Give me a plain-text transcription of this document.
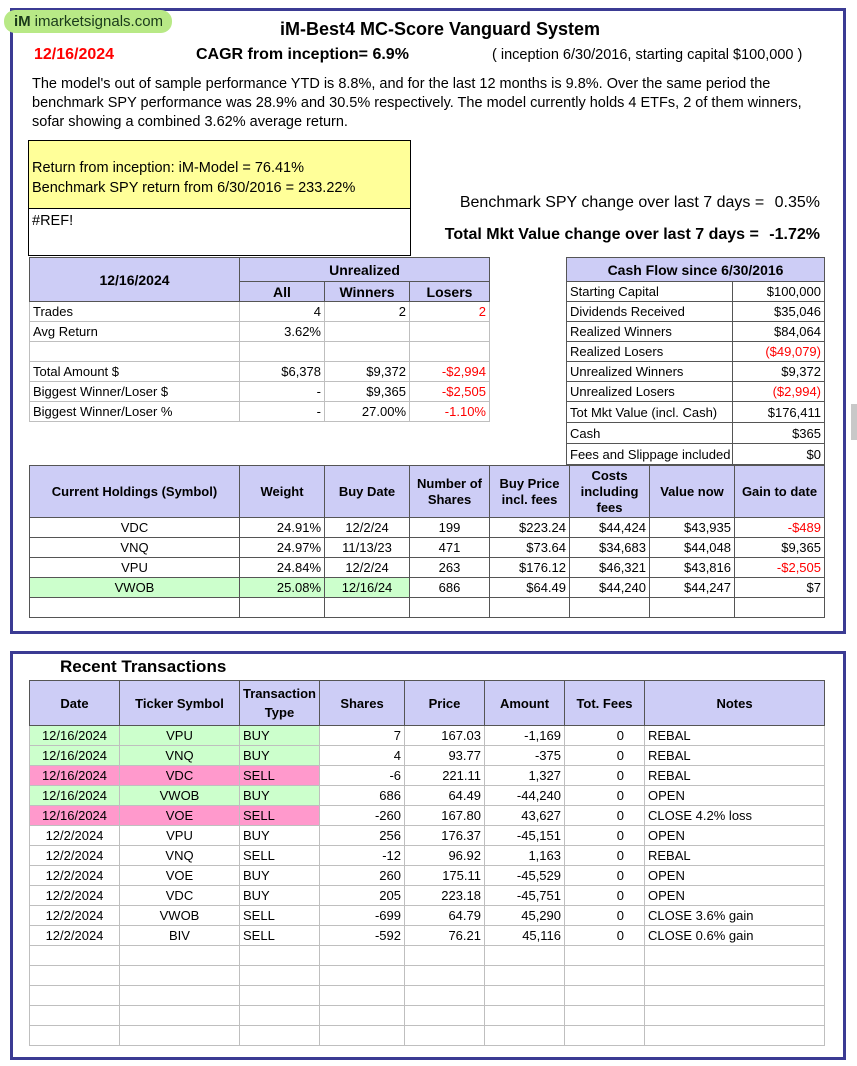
iM imarketsignals.com	iM-Best4 MC-Score Vanguard System
12/16/2024	CAGR from inception= 6.9%	( inception 6/30/2016, starting capital $100,000 )
The model's out of sample performance YTD is 8.8%, and for the last 12 months is 9.8%. Over the same period the benchmark SPY performance was 28.9% and 30.5% respectively. The model currently holds 4 ETFs, 2 of them winners, sofar showing a combined 3.62% average return.
Return from inception: iM-Model = 76.41%
Benchmark SPY return from 6/30/2016 = 233.22%
#REF!
Benchmark SPY change over last 7 days = 0.35%
Total Mkt Value change over last 7 days = -1.72%
12/16/2024	Unrealized		
	All	Winners	Losers
Trades	4	2	2
Avg Return	3.62%		

Total Amount $	$6,378	$9,372	-$2,994
Biggest Winner/Loser $	-	$9,365	-$2,505
Biggest Winner/Loser %	-	27.00%	-1.10%
Cash Flow since 6/30/2016	
Starting Capital	$100,000
Dividends Received	$35,046
Realized Winners	$84,064
Realized Losers	($49,079)
Unrealized Winners	$9,372
Unrealized Losers	($2,994)
Tot Mkt Value (incl. Cash)	$176,411
Cash	$365
Fees and Slippage included	$0
Current Holdings (Symbol)	Weight	Buy Date	Number of Shares	Buy Price incl. fees	Costs including fees	Value now	Gain to date
VDC	24.91%	12/2/24	199	$223.24	$44,424	$43,935	-$489
VNQ	24.97%	11/13/23	471	$73.64	$34,683	$44,048	$9,365
VPU	24.84%	12/2/24	263	$176.12	$46,321	$43,816	-$2,505
VWOB	25.08%	12/16/24	686	$64.49	$44,240	$44,247	$7

Recent Transactions
Date	Ticker Symbol	Transaction Type	Shares	Price	Amount	Tot. Fees	Notes
12/16/2024	VPU	BUY	7	167.03	-1,169	0	REBAL
12/16/2024	VNQ	BUY	4	93.77	-375	0	REBAL
12/16/2024	VDC	SELL	-6	221.11	1,327	0	REBAL
12/16/2024	VWOB	BUY	686	64.49	-44,240	0	OPEN
12/16/2024	VOE	SELL	-260	167.80	43,627	0	CLOSE 4.2% loss
12/2/2024	VPU	BUY	256	176.37	-45,151	0	OPEN
12/2/2024	VNQ	SELL	-12	96.92	1,163	0	REBAL
12/2/2024	VOE	BUY	260	175.11	-45,529	0	OPEN
12/2/2024	VDC	BUY	205	223.18	-45,751	0	OPEN
12/2/2024	VWOB	SELL	-699	64.79	45,290	0	CLOSE 3.6% gain
12/2/2024	BIV	SELL	-592	76.21	45,116	0	CLOSE 0.6% gain
